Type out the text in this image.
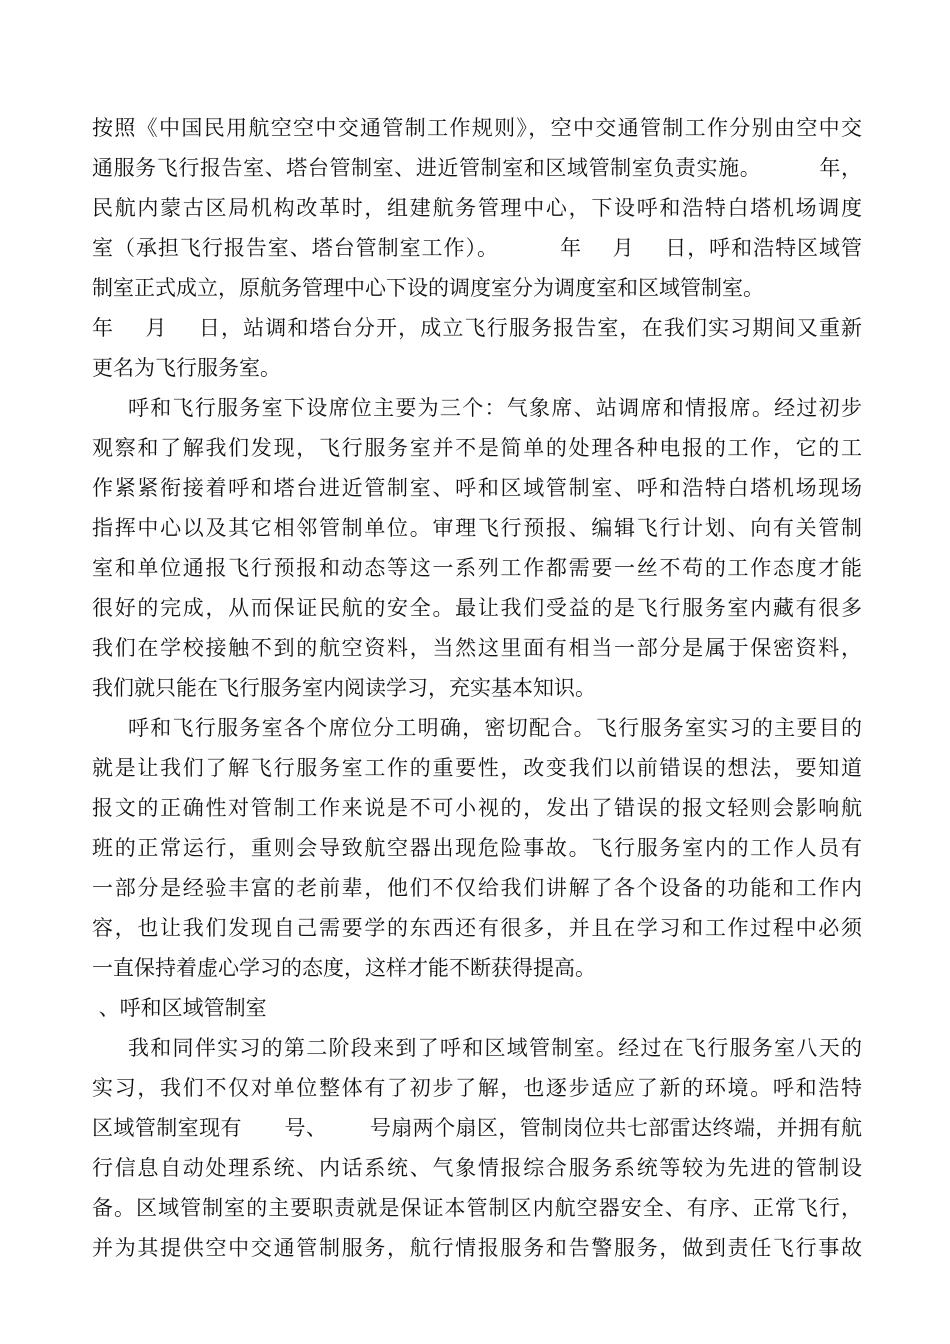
按照《中国民用航空空中交通管制工作规则》，空中交通管制工作分别由空中交
通服务飞行报告室、塔台管制室、进近管制室和区域管制室负责实施。        年，
民航内蒙古区局机构改革时，组建航务管理中心，下设呼和浩特白塔机场调度
室（承担飞行报告室、塔台管制室工作）。        年    月    日，呼和浩特区域管
制室正式成立，原航务管理中心下设的调度室分为调度室和区域管制室。
年    月    日，站调和塔台分开，成立飞行服务报告室，在我们实习期间又重新
更名为飞行服务室。
呼和飞行服务室下设席位主要为三个：气象席、站调席和情报席。经过初步
观察和了解我们发现，飞行服务室并不是简单的处理各种电报的工作，它的工
作紧紧衔接着呼和塔台进近管制室、呼和区域管制室、呼和浩特白塔机场现场
指挥中心以及其它相邻管制单位。审理飞行预报、编辑飞行计划、向有关管制
室和单位通报飞行预报和动态等这一系列工作都需要一丝不苟的工作态度才能
很好的完成，从而保证民航的安全。最让我们受益的是飞行服务室内藏有很多
我们在学校接触不到的航空资料，当然这里面有相当一部分是属于保密资料，
我们就只能在飞行服务室内阅读学习，充实基本知识。
呼和飞行服务室各个席位分工明确，密切配合。飞行服务室实习的主要目的
就是让我们了解飞行服务室工作的重要性，改变我们以前错误的想法，要知道
报文的正确性对管制工作来说是不可小视的，发出了错误的报文轻则会影响航
班的正常运行，重则会导致航空器出现危险事故。飞行服务室内的工作人员有
一部分是经验丰富的老前辈，他们不仅给我们讲解了各个设备的功能和工作内
容，也让我们发现自己需要学的东西还有很多，并且在学习和工作过程中必须
一直保持着虚心学习的态度，这样才能不断获得提高。
、呼和区域管制室
我和同伴实习的第二阶段来到了呼和区域管制室。经过在飞行服务室八天的
实习，我们不仅对单位整体有了初步了解，也逐步适应了新的环境。呼和浩特
区域管制室现有      号、      号扇两个扇区，管制岗位共七部雷达终端，并拥有航
行信息自动处理系统、内话系统、气象情报综合服务系统等较为先进的管制设
备。区域管制室的主要职责就是保证本管制区内航空器安全、有序、正常飞行，
并为其提供空中交通管制服务，航行情报服务和告警服务，做到责任飞行事故
